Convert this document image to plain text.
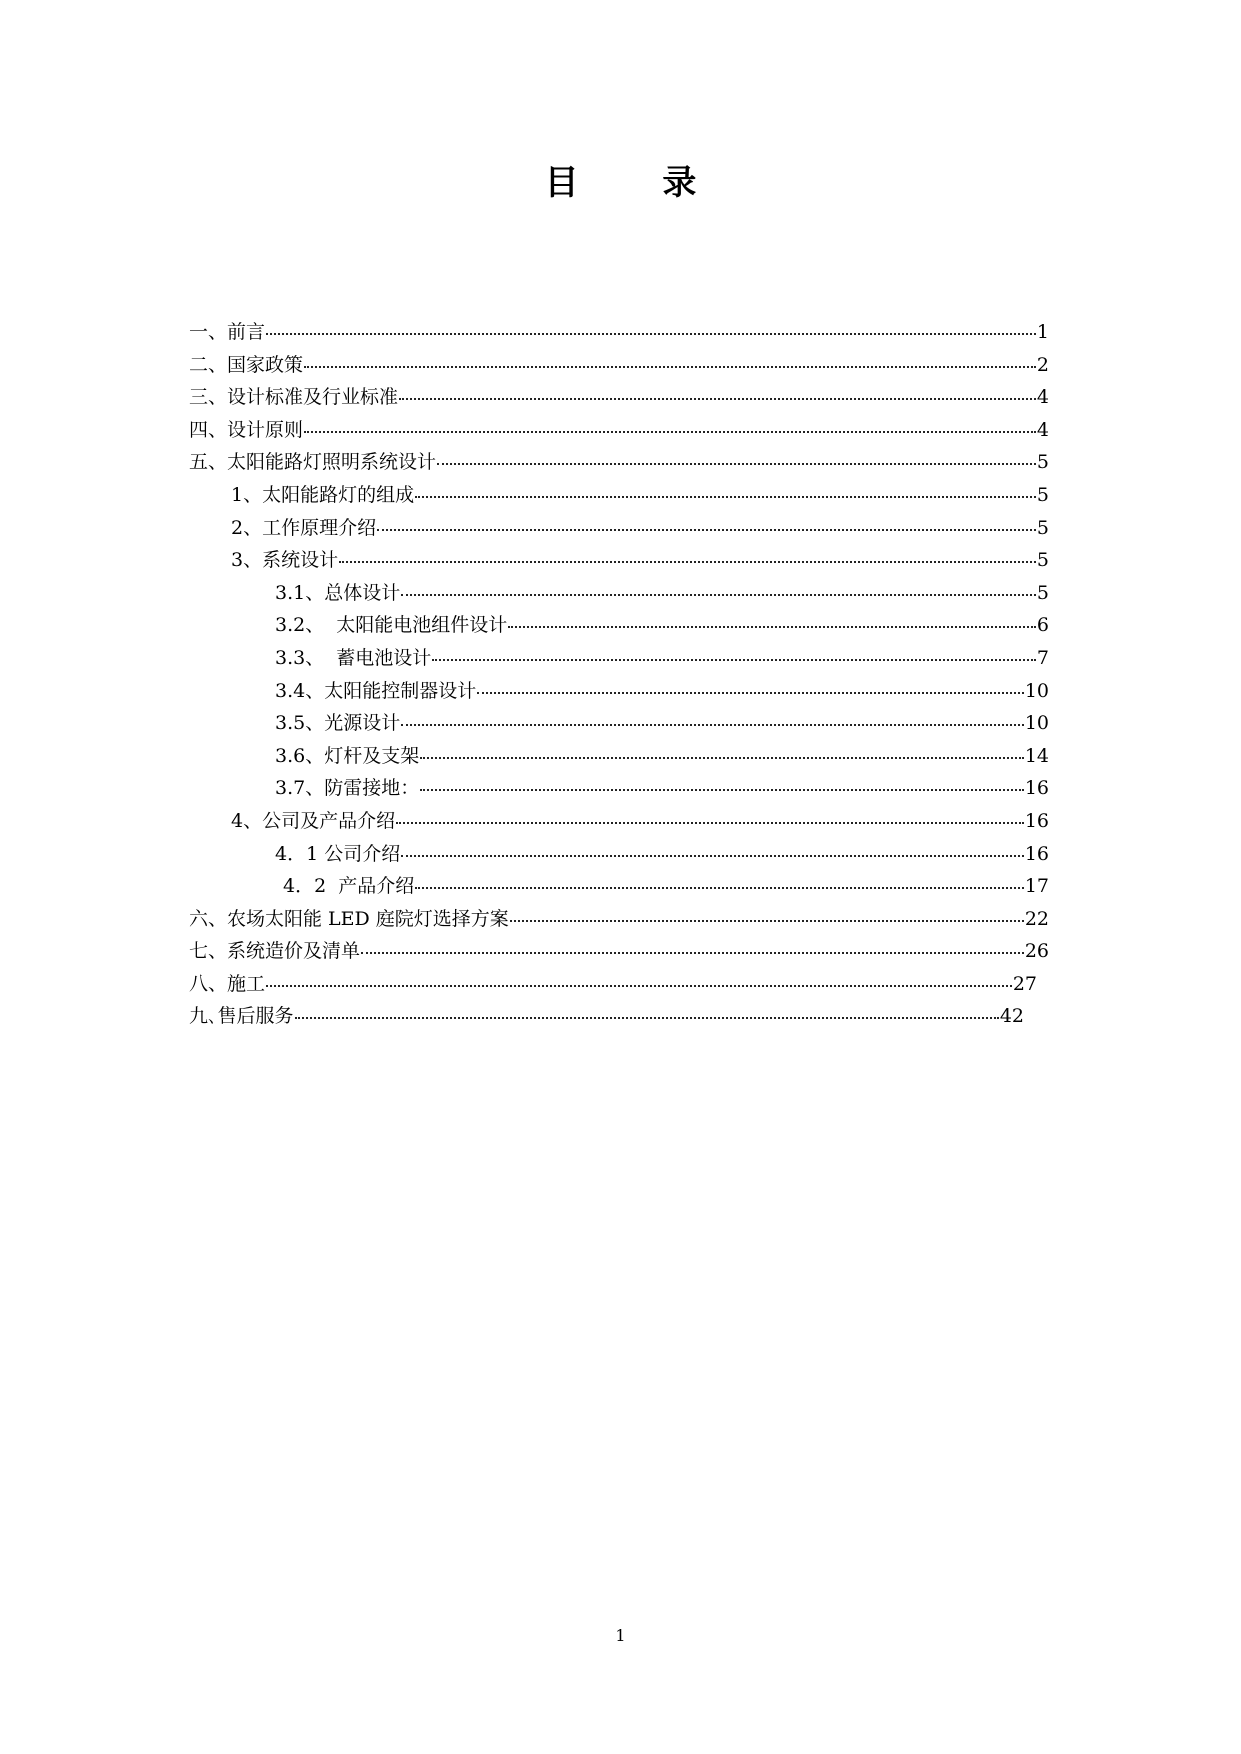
目 录
一、前言	1
二、国家政策	2
三、设计标准及行业标准	4
四、设计原则	4
五、太阳能路灯照明系统设计	5
1、太阳能路灯的组成	5
2、工作原理介绍	5
3、系统设计	5
3.1、总体设计	5
3.2、  太阳能电池组件设计	6
3.3、  蓄电池设计	7
3.4、太阳能控制器设计	10
3.5、光源设计	10
3.6、灯杆及支架	14
3.7、防雷接地：	16
4、公司及产品介绍	16
4．1 公司介绍	16
4．2  产品介绍	17
六、农场太阳能 LED 庭院灯选择方案	22
七、系统造价及清单	26
八、施工	27
九､售后服务	42
1
